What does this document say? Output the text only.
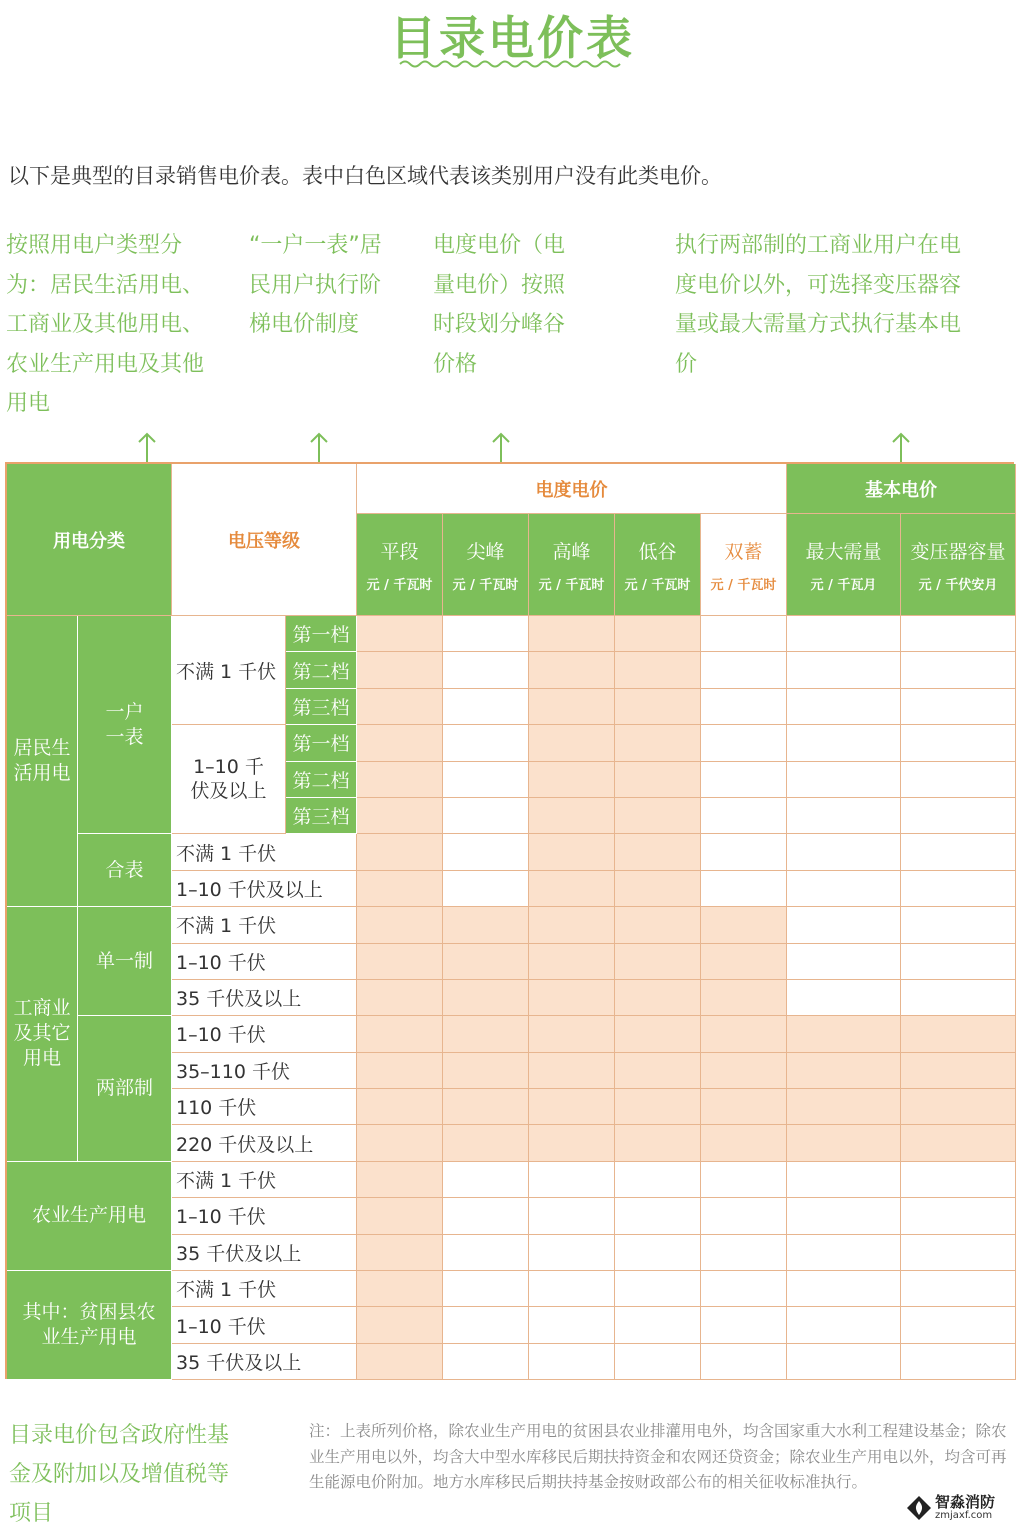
目录电价表
以下是典型的目录销售电价表。表中白色区域代表该类别用户没有此类电价。
按照用电户类型分为：居民生活用电、工商业及其他用电、农业生产用电及其他用电
“一户一表”居民用户执行阶梯电价制度
电度电价（电量电价）按照时段划分峰谷价格
执行两部制的工商业用户在电度电价以外，可选择变压器容量或最大需量方式执行基本电价
用电分类	电压等级
电度电价	基本电价
平段
元 / 千瓦时
尖峰
元 / 千瓦时
高峰
元 / 千瓦时
低谷
元 / 千瓦时
双蓄
元 / 千瓦时
最大需量
元 / 千瓦月
变压器容量
元 / 千伏安月
居民生活用电
一户一表
合表
工商业及其它用电
单一制
两部制
农业生产用电
其中：贫困县农业生产用电
不满 1 千伏
1–10 千伏及以上
第一档
第二档
第三档
第一档
第二档
第三档
不满 1 千伏
1–10 千伏及以上
不满 1 千伏
1–10 千伏
35 千伏及以上
1–10 千伏
35–110 千伏
110 千伏
220 千伏及以上
不满 1 千伏
1–10 千伏
35 千伏及以上
不满 1 千伏
1–10 千伏
35 千伏及以上
目录电价包含政府性基金及附加以及增值税等项目
注：上表所列价格，除农业生产用电的贫困县农业排灌用电外，均含国家重大水利工程建设基金；除农业生产用电以外，均含大中型水库移民后期扶持资金和农网还贷资金；除农业生产用电以外，均含可再生能源电价附加。地方水库移民后期扶持基金按财政部公布的相关征收标准执行。
智淼消防
zmjaxf.com
